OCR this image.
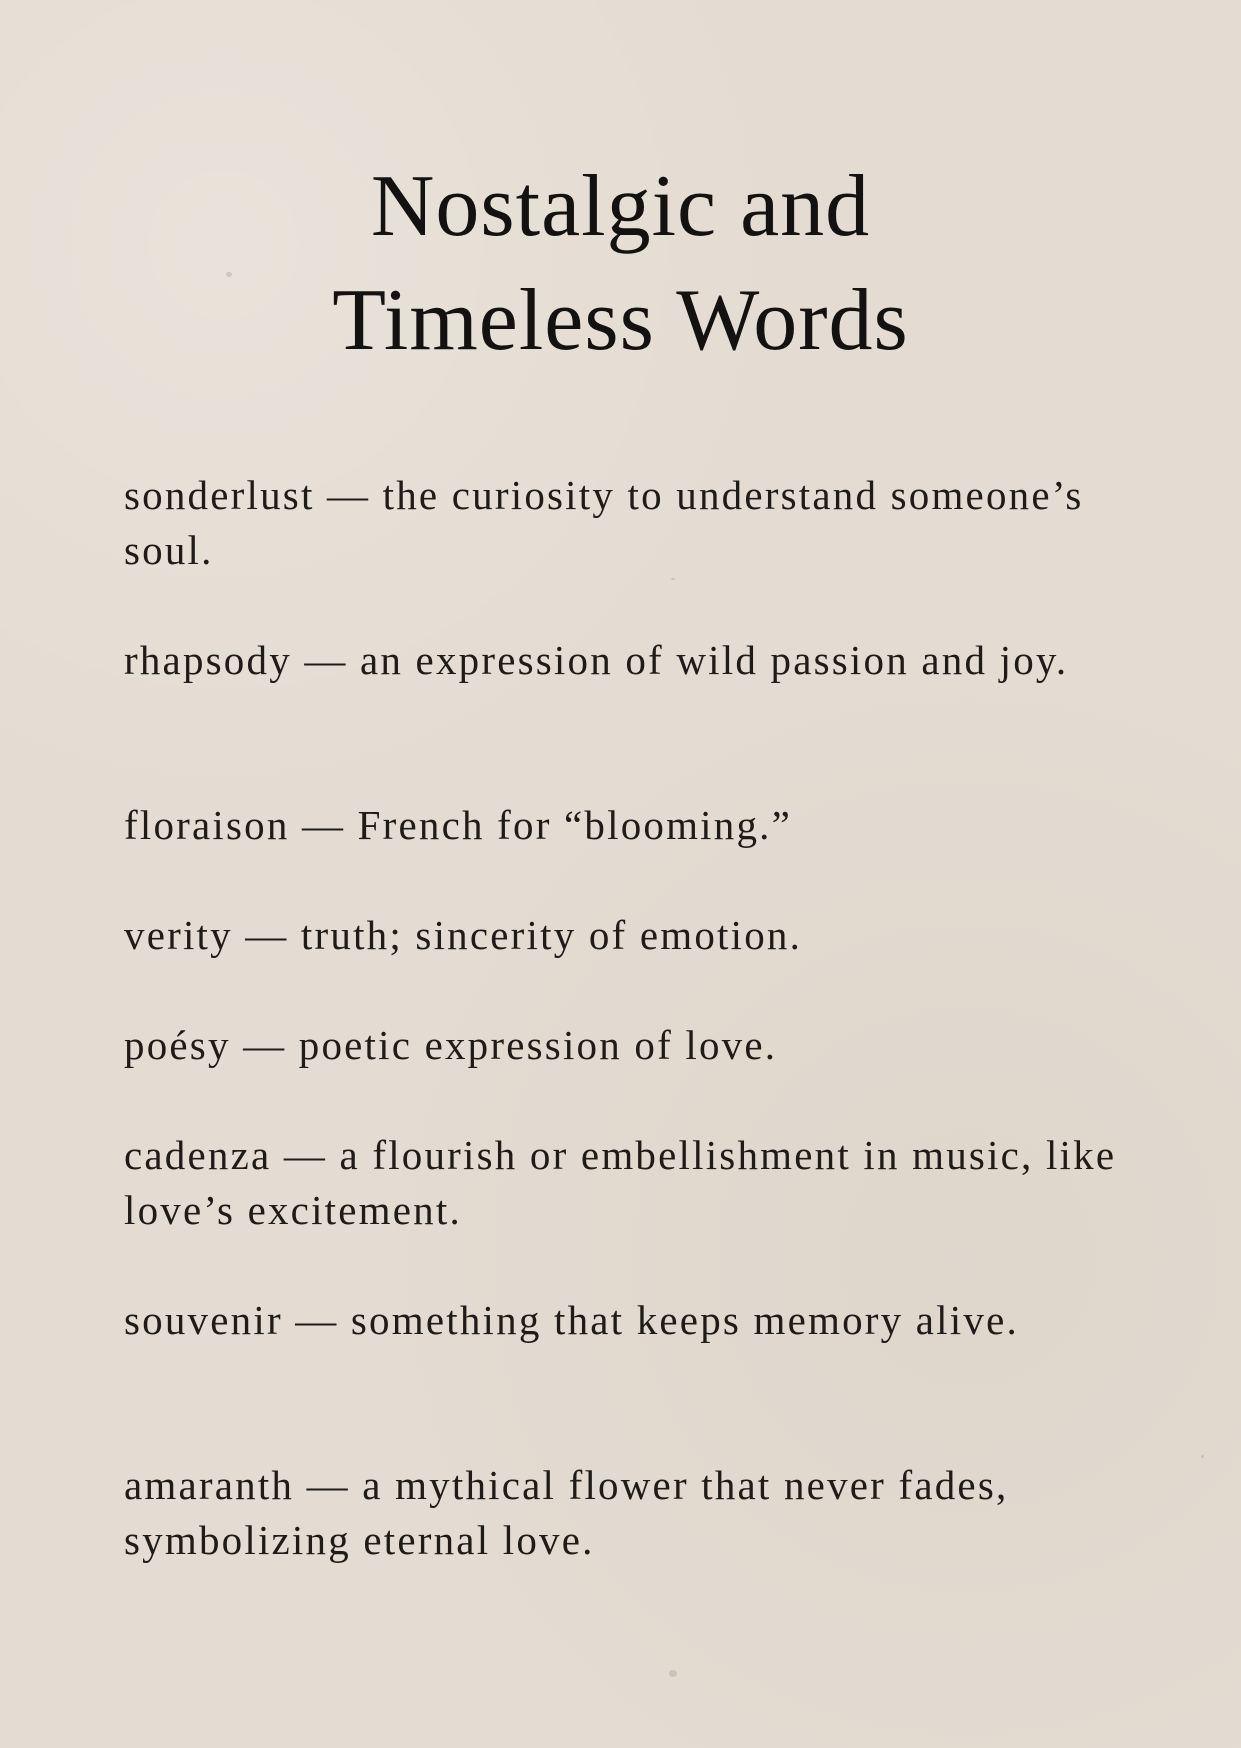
Nostalgic and
Timeless Words
sonderlust — the curiosity to understand someone’s soul.
rhapsody — an expression of wild passion and joy.
floraison — French for “blooming.”
verity — truth; sincerity of emotion.
poésy — poetic expression of love.
cadenza — a flourish or embellishment in music, like love’s excitement.
souvenir — something that keeps memory alive.
amaranth — a mythical flower that never fades, symbolizing eternal love.
